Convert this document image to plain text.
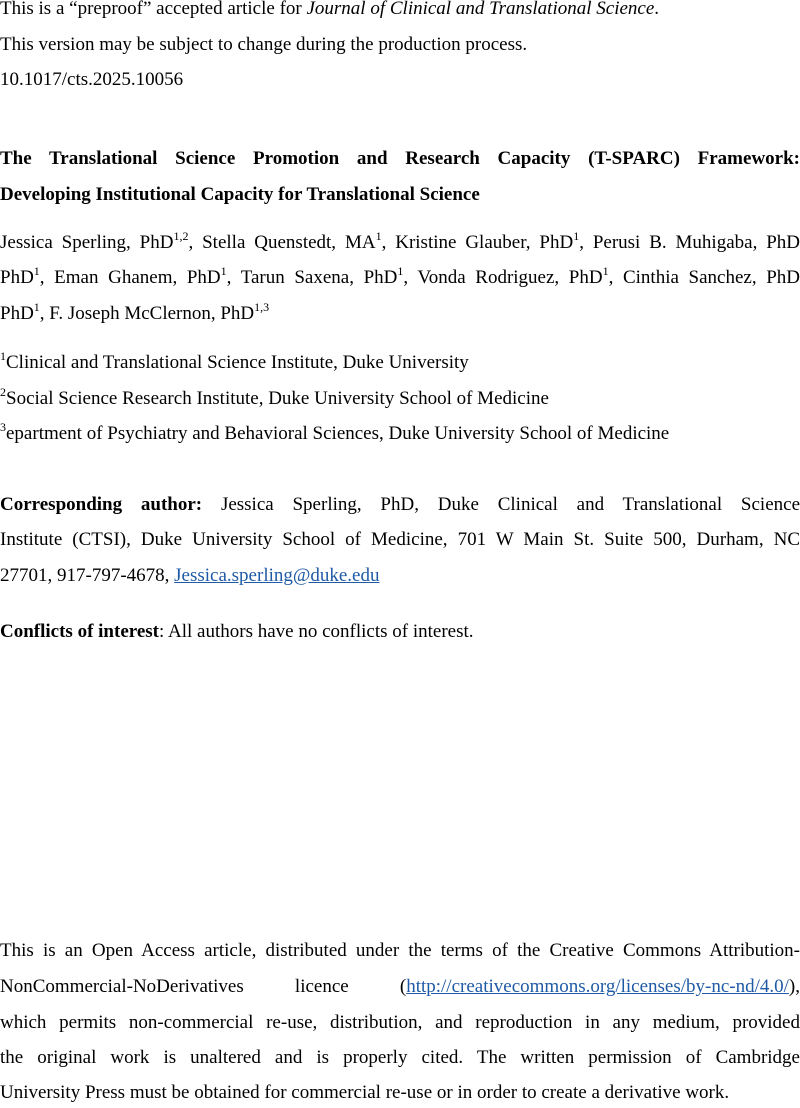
This is a “preproof” accepted article for Journal of Clinical and Translational Science.
This version may be subject to change during the production process.
10.1017/cts.2025.10056
The Translational Science Promotion and Research Capacity (T-SPARC) Framework:
Developing Institutional Capacity for Translational Science
Jessica Sperling, PhD$^{1,2}$, Stella Quenstedt, $MA^1$, Kristine Glauber, PhD$^1$, Perusi B. Muhigaba, PhD
PhD$^1$, Eman Ghanem, PhD$^1$, Tarun Saxena, PhD$^1$, Vonda Rodriguez, PhD$^1$, Cinthia Sanchez, PhD
PhD$^1$, F. Joseph McClernon, PhD$^{1,3}$
$^1$Clinical and Translational Science Institute, Duke University
$^2$Social Science Research Institute, Duke University School of Medicine
$^3$epartment of Psychiatry and Behavioral Sciences, Duke University School of Medicine
Corresponding author: Jessica Sperling, PhD, Duke Clinical and Translational Science
Institute (CTSI), Duke University School of Medicine, 701 W Main St. Suite 500, Durham, NC
27701, 917-797-4678, Jessica.sperling@duke.edu
Conflicts of interest: All authors have no conflicts of interest.
This is an Open Access article, distributed under the terms of the Creative Commons Attribution-
NonCommercial-NoDerivatives licence (http://creativecommons.org/licenses/by-nc-nd/4.0/),
which permits non-commercial re-use, distribution, and reproduction in any medium, provided
the original work is unaltered and is properly cited. The written permission of Cambridge
University Press must be obtained for commercial re-use or in order to create a derivative work.
